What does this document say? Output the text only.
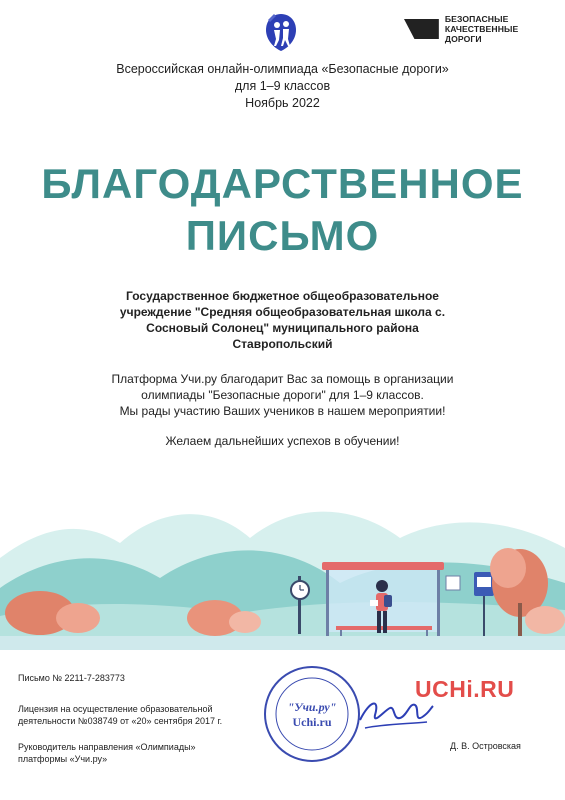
БЕЗОПАСНЫЕ
КАЧЕСТВЕННЫЕ ДОРОГИ
Всероссийская онлайн-олимпиада «Безопасные дороги»
для 1–9 классов
Ноябрь 2022
БЛАГОДАРСТВЕННОЕ
ПИСЬМО
Государственное бюджетное общеобразовательное
учреждение "Средняя общеобразовательная школа с.
Сосновый Солонец" муниципального района
Ставропольский
Платформа Учи.ру благодарит Вас за помощь в организации
олимпиады "Безопасные дороги" для 1–9 классов.
Мы рады участию Ваших учеников в нашем мероприятии!
Желаем дальнейших успехов в обучении!
Письмо № 2211-7-283773
Лицензия на осуществление образовательной
деятельности №038749 от «20» сентября 2017 г.
Руководитель направления «Олимпиады»
платформы «Учи.ру»
"Учи.ру"
Uchi.ru
UCHi.RU
Д. В. Островская
